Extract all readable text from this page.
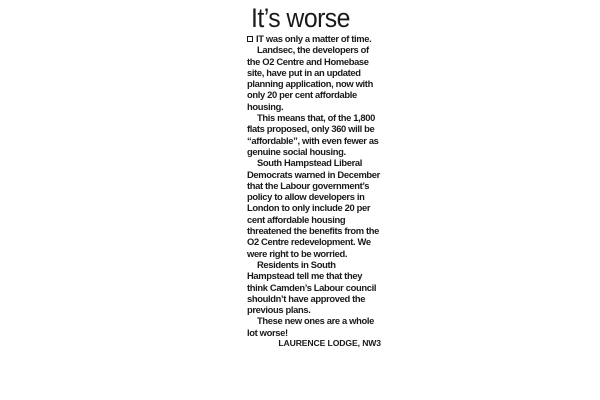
It’s worse

IT was only a matter of time.

Landsec, the developers of the O2 Centre and Homebase site, have put in an updated planning application, now with only 20 per cent affordable housing.

This means that, of the 1,800 flats proposed, only 360 will be “affordable”, with even fewer as genuine social housing.

South Hampstead Liberal Democrats warned in December that the Labour government’s policy to allow developers in London to only include 20 per cent affordable housing threatened the benefits from the O2 Centre redevelopment. We were right to be worried.

Residents in South Hampstead tell me that they think Camden’s Labour council shouldn’t have approved the previous plans.

These new ones are a whole lot worse!

LAURENCE LODGE, NW3
